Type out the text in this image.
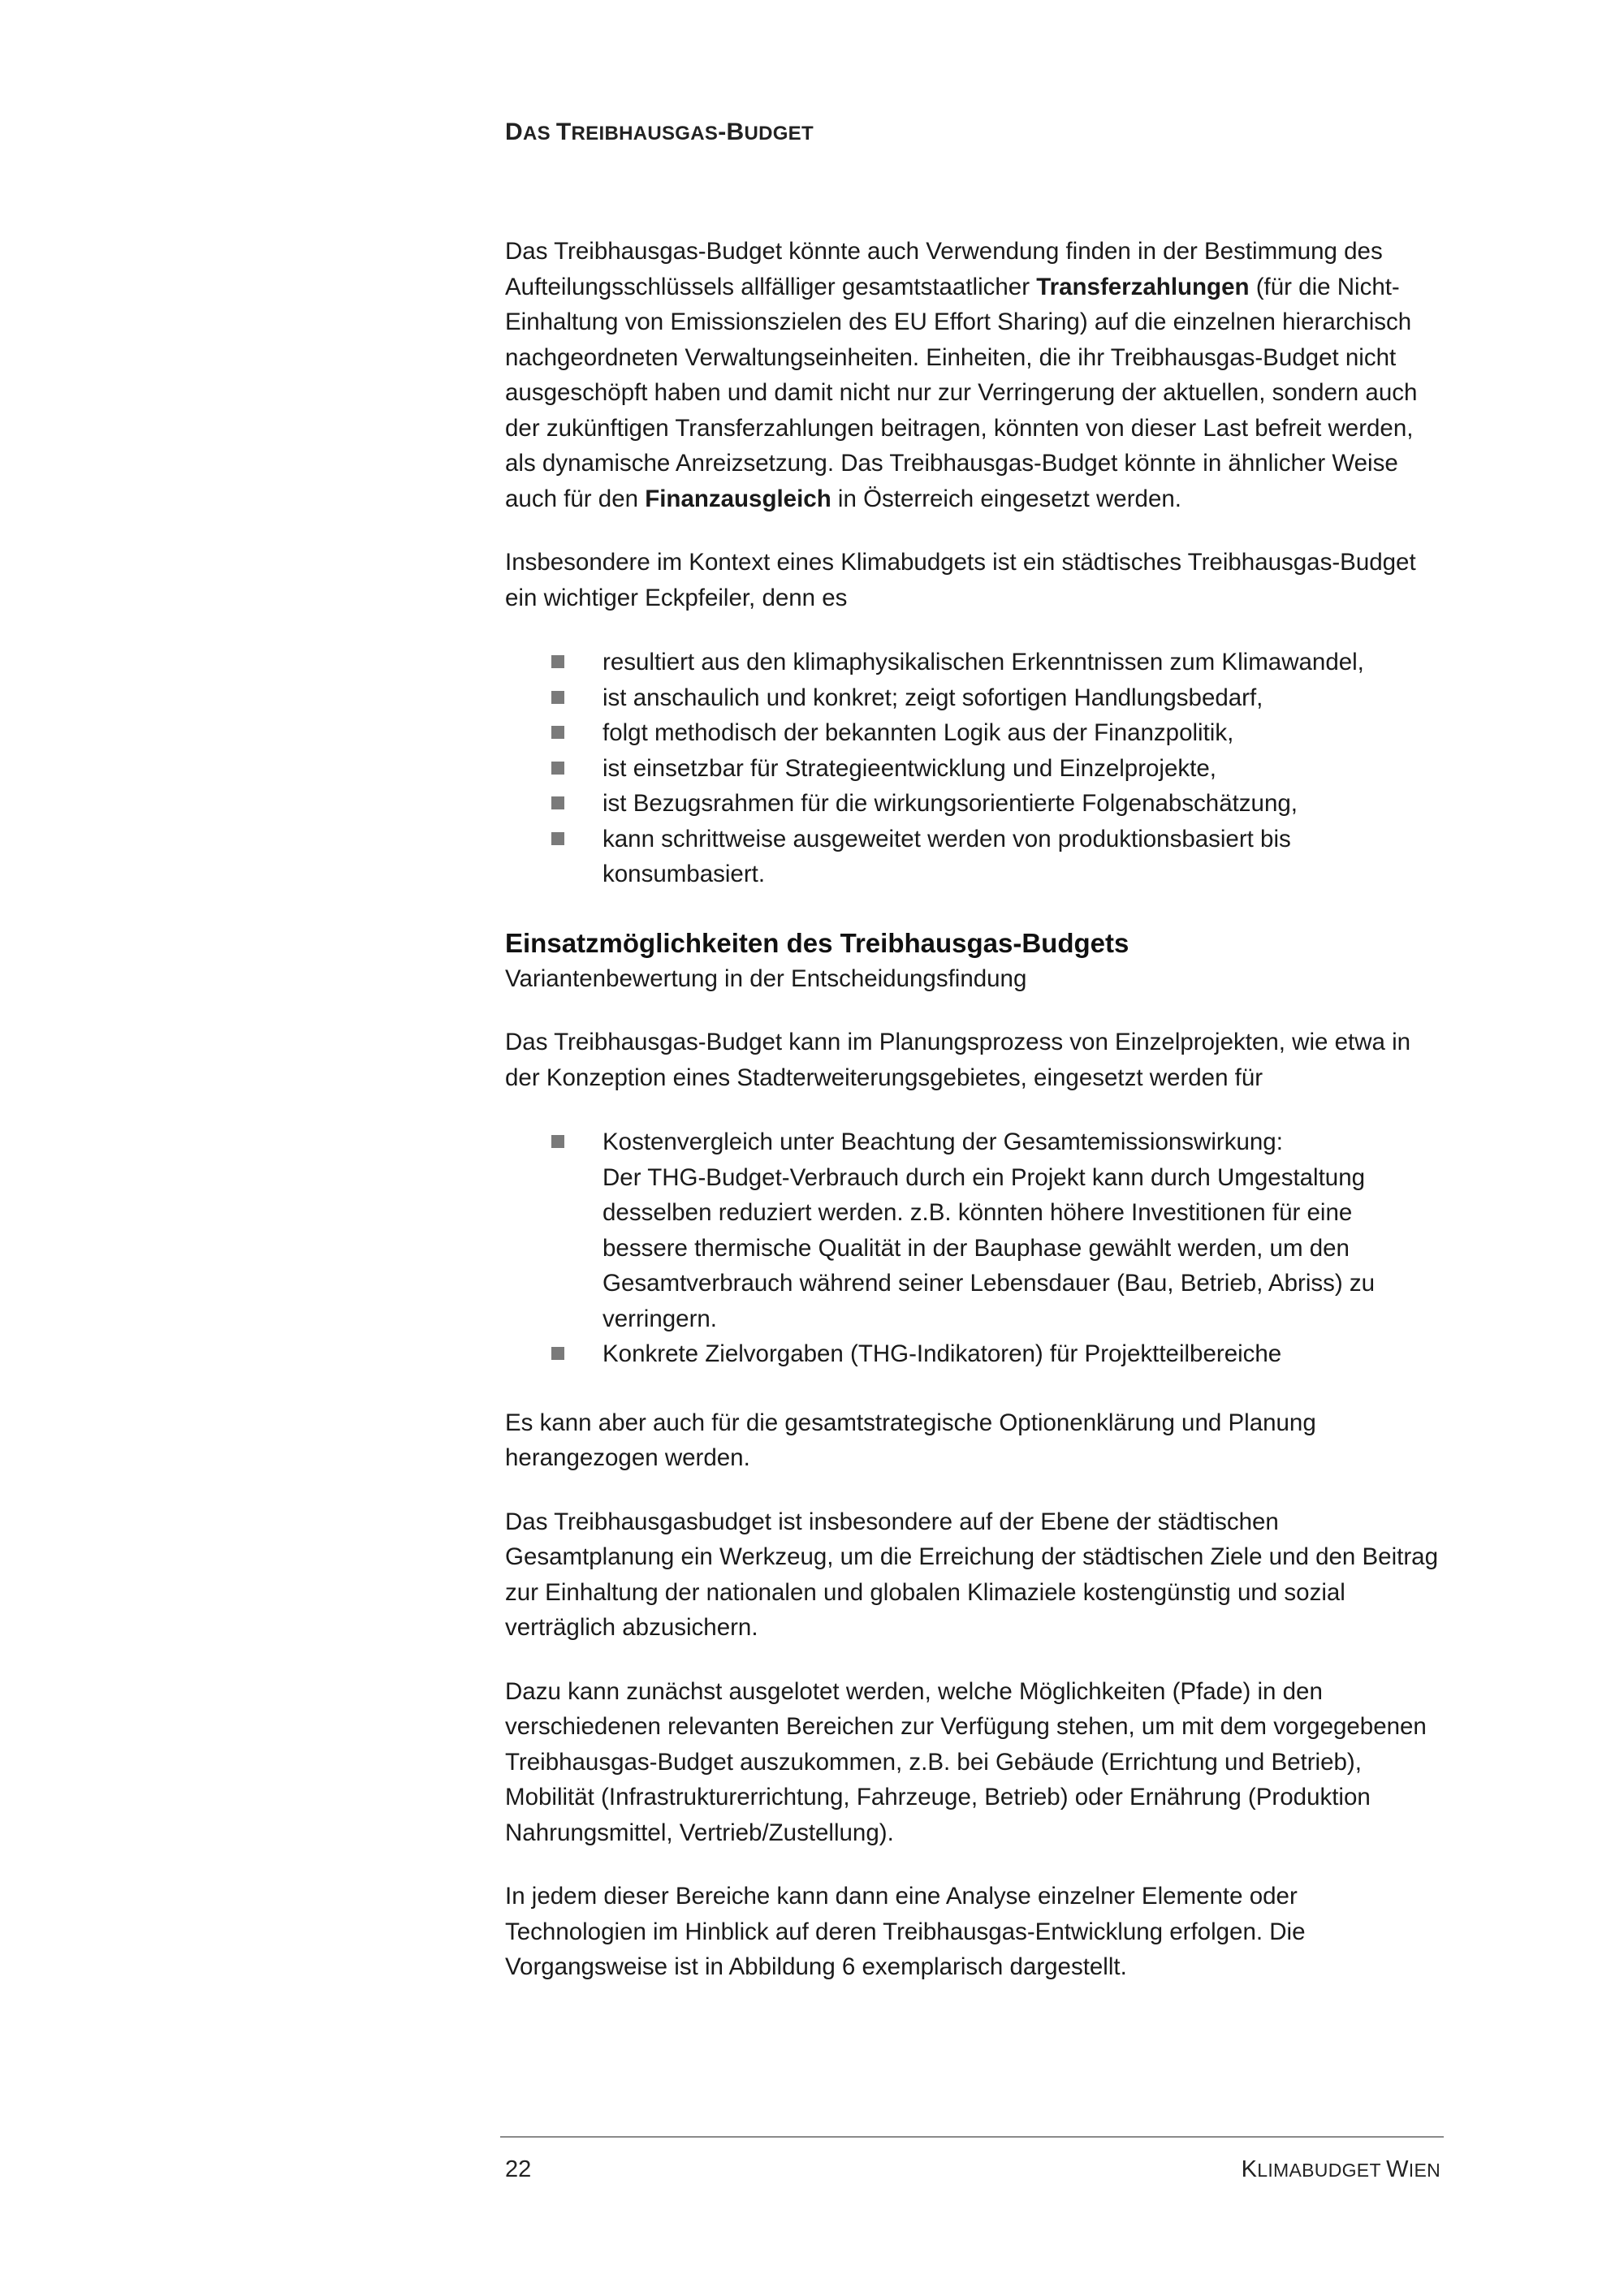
DAS TREIBHAUSGAS-BUDGET

Das Treibhausgas-Budget könnte auch Verwendung finden in der Bestimmung des Aufteilungsschlüssels allfälliger gesamtstaatlicher Transferzahlungen (für die Nicht-Einhaltung von Emissionszielen des EU Effort Sharing) auf die einzelnen hierarchisch nachgeordneten Verwaltungseinheiten. Einheiten, die ihr Treibhausgas-Budget nicht ausgeschöpft haben und damit nicht nur zur Verringerung der aktuellen, sondern auch der zukünftigen Transferzahlungen beitragen, könnten von dieser Last befreit werden, als dynamische Anreizsetzung. Das Treibhausgas-Budget könnte in ähnlicher Weise auch für den Finanzausgleich in Österreich eingesetzt werden.

Insbesondere im Kontext eines Klimabudgets ist ein städtisches Treibhausgas-Budget ein wichtiger Eckpfeiler, denn es

resultiert aus den klimaphysikalischen Erkenntnissen zum Klimawandel,
ist anschaulich und konkret; zeigt sofortigen Handlungsbedarf,
folgt methodisch der bekannten Logik aus der Finanzpolitik,
ist einsetzbar für Strategieentwicklung und Einzelprojekte,
ist Bezugsrahmen für die wirkungsorientierte Folgenabschätzung,
kann schrittweise ausgeweitet werden von produktionsbasiert bis konsumbasiert.
Einsatzmöglichkeiten des Treibhausgas-Budgets

Variantenbewertung in der Entscheidungsfindung

Das Treibhausgas-Budget kann im Planungsprozess von Einzelprojekten, wie etwa in der Konzeption eines Stadterweiterungsgebietes, eingesetzt werden für

Kostenvergleich unter Beachtung der Gesamtemissionswirkung:
Der THG-Budget-Verbrauch durch ein Projekt kann durch Umgestaltung desselben reduziert werden. z.B. könnten höhere Investitionen für eine bessere thermische Qualität in der Bauphase gewählt werden, um den Gesamtverbrauch während seiner Lebensdauer (Bau, Betrieb, Abriss) zu verringern.
Konkrete Zielvorgaben (THG-Indikatoren) für Projektteilbereiche

Es kann aber auch für die gesamtstrategische Optionenklärung und Planung herangezogen werden.

Das Treibhausgasbudget ist insbesondere auf der Ebene der städtischen Gesamtplanung ein Werkzeug, um die Erreichung der städtischen Ziele und den Beitrag zur Einhaltung der nationalen und globalen Klimaziele kostengünstig und sozial verträglich abzusichern.

Dazu kann zunächst ausgelotet werden, welche Möglichkeiten (Pfade) in den verschiedenen relevanten Bereichen zur Verfügung stehen, um mit dem vorgegebenen Treibhausgas-Budget auszukommen, z.B. bei Gebäude (Errichtung und Betrieb), Mobilität (Infrastrukturerrichtung, Fahrzeuge, Betrieb) oder Ernährung (Produktion Nahrungsmittel, Vertrieb/Zustellung).

In jedem dieser Bereiche kann dann eine Analyse einzelner Elemente oder Technologien im Hinblick auf deren Treibhausgas-Entwicklung erfolgen. Die Vorgangsweise ist in Abbildung 6 exemplarisch dargestellt.

22	KLIMABUDGET WIEN
